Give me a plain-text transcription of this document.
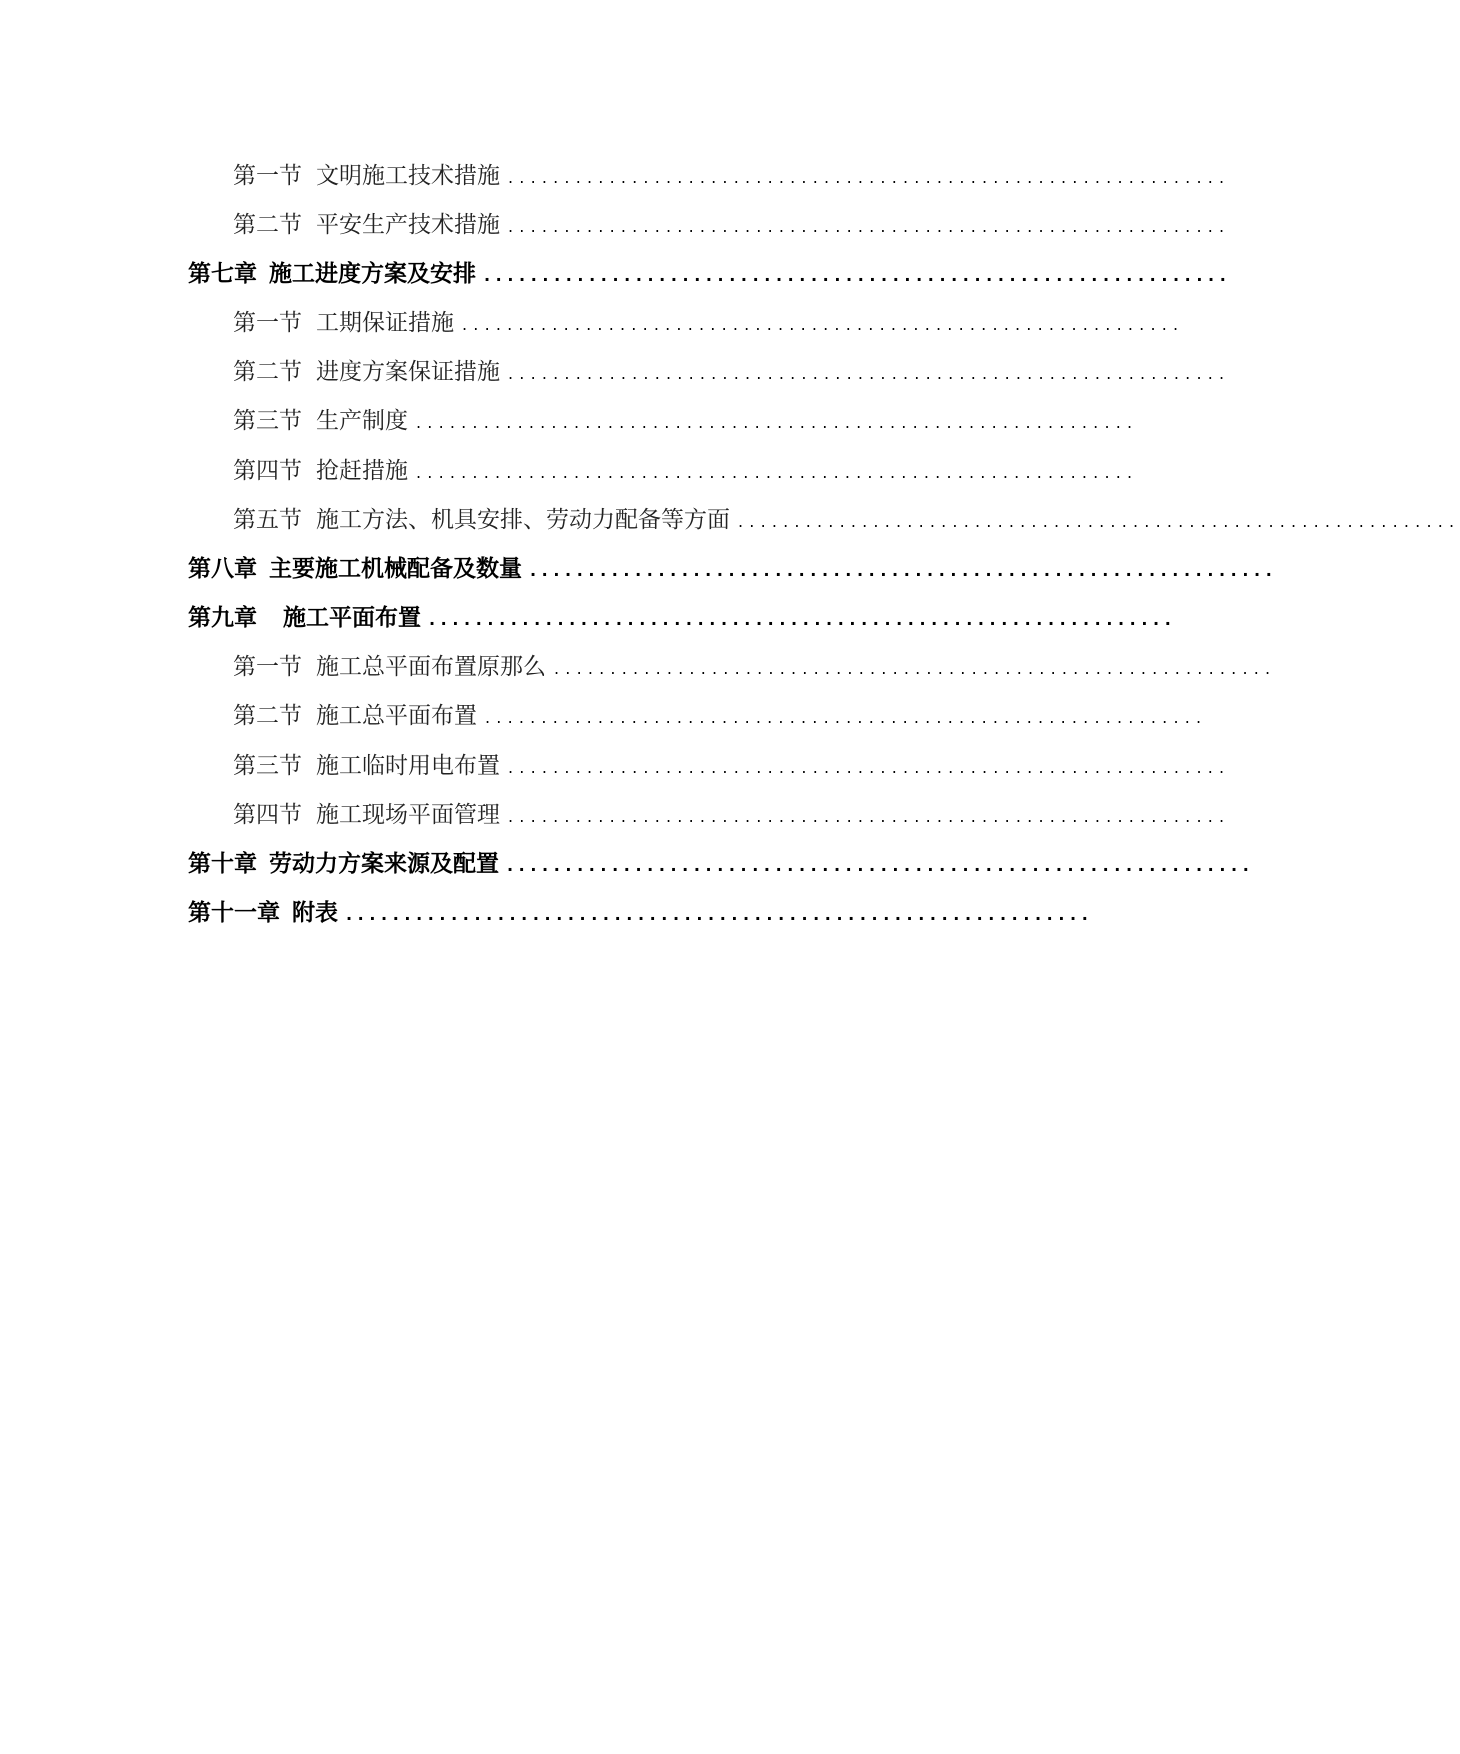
第一节 文明施工技术措施 ................................................................
第二节 平安生产技术措施 ................................................................
第七章 施工进度方案及安排 ................................................................
第一节 工期保证措施 ................................................................
第二节 进度方案保证措施 ................................................................
第三节 生产制度 ................................................................
第四节 抢赶措施 ................................................................
第五节 施工方法、机具安排、劳动力配备等方面 ................................................................
第八章 主要施工机械配备及数量 ................................................................
第九章 施工平面布置 ................................................................
第一节 施工总平面布置原那么 ................................................................
第二节 施工总平面布置 ................................................................
第三节 施工临时用电布置 ................................................................
第四节 施工现场平面管理 ................................................................
第十章 劳动力方案来源及配置 ................................................................
第十一章 附表 ................................................................
